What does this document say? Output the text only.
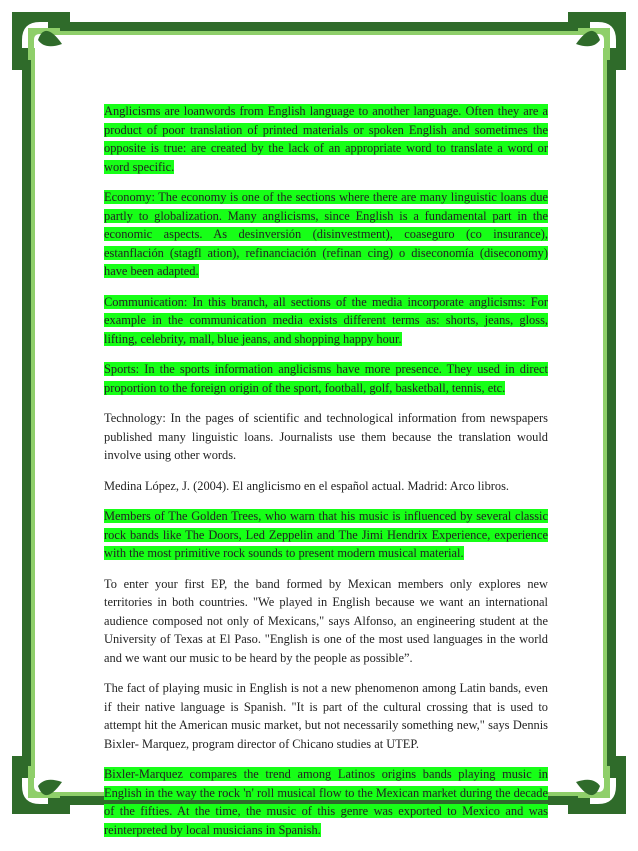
Anglicisms are loanwords from English language to another language. Often they are a product of poor translation of printed materials or spoken English and sometimes the opposite is true: are created by the lack of an appropriate word to translate a word or word specific.

Economy: The economy is one of the sections where there are many linguistic loans due partly to globalization. Many anglicisms, since English is a fundamental part in the economic aspects. As desinversión (disinvestment), coaseguro (co insurance), estanflación (stagfl ation), refinanciación (refinan cing) o diseconomía (diseconomy) have been adapted.

Communication: In this branch, all sections of the media incorporate anglicisms: For example in the communication media exists different terms as: shorts, jeans, gloss, lifting, celebrity, mall, blue jeans, and shopping happy hour.

Sports: In the sports information anglicisms have more presence. They used in direct proportion to the foreign origin of the sport, football, golf, basketball, tennis, etc.

Technology: In the pages of scientific and technological information from newspapers published many linguistic loans. Journalists use them because the translation would involve using other words.

Medina López, J. (2004). El anglicismo en el español actual. Madrid: Arco libros.

Members of The Golden Trees, who warn that his music is influenced by several classic rock bands like The Doors, Led Zeppelin and The Jimi Hendrix Experience, experience with the most primitive rock sounds to present modern musical material.

To enter your first EP, the band formed by Mexican members only explores new territories in both countries. "We played in English because we want an international audience composed not only of Mexicans," says Alfonso, an engineering student at the University of Texas at El Paso. "English is one of the most used languages in the world and we want our music to be heard by the people as possible”.

The fact of playing music in English is not a new phenomenon among Latin bands, even if their native language is Spanish. "It is part of the cultural crossing that is used to attempt hit the American music market, but not necessarily something new," says Dennis Bixler- Marquez, program director of Chicano studies at UTEP.

Bixler-Marquez compares the trend among Latinos origins bands playing music in English in the way the rock 'n' roll musical flow to the Mexican market during the decade of the fifties. At the time, the music of this genre was exported to Mexico and was reinterpreted by local musicians in Spanish.
